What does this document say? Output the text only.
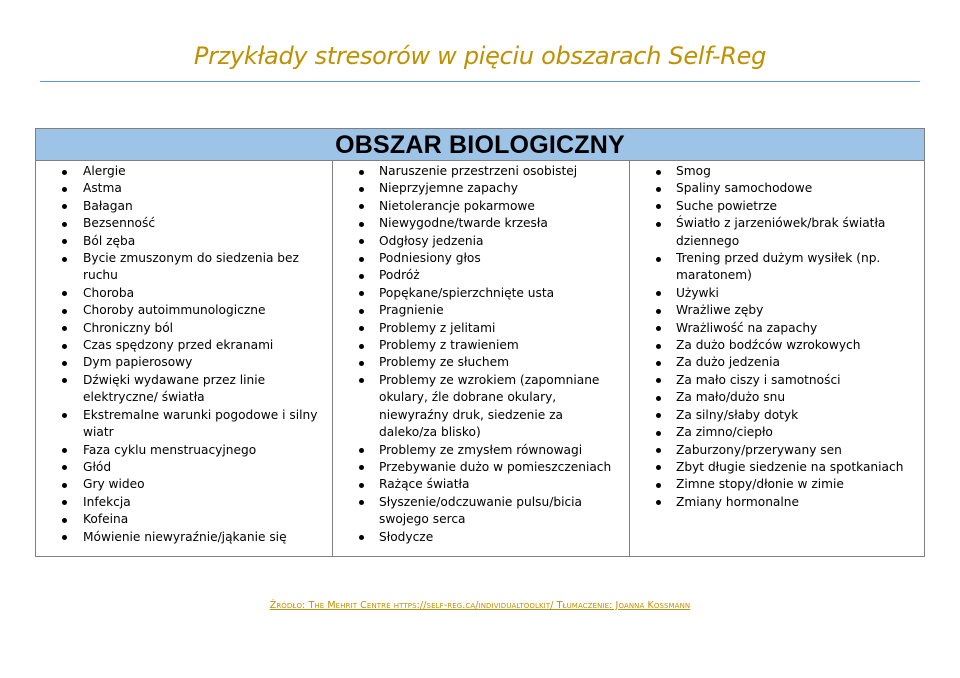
Przykłady stresorów w pięciu obszarach Self-Reg
OBSZAR BIOLOGICZNY
Alergie
Astma
Bałagan
Bezsenność
Ból zęba
Bycie zmuszonym do siedzenia bez ruchu
Choroba
Choroby autoimmunologiczne
Chroniczny ból
Czas spędzony przed ekranami
Dym papierosowy
Dźwięki wydawane przez linie elektryczne/ światła
Ekstremalne warunki pogodowe i silny wiatr
Faza cyklu menstruacyjnego
Głód
Gry wideo
Infekcja
Kofeina
Mówienie niewyraźnie/jąkanie się
Naruszenie przestrzeni osobistej
Nieprzyjemne zapachy
Nietolerancje pokarmowe
Niewygodne/twarde krzesła
Odgłosy jedzenia
Podniesiony głos
Podróż
Popękane/spierzchnięte usta
Pragnienie
Problemy z jelitami
Problemy z trawieniem
Problemy ze słuchem
Problemy ze wzrokiem (zapomniane okulary, źle dobrane okulary, niewyraźny druk, siedzenie za daleko/za blisko)
Problemy ze zmysłem równowagi
Przebywanie dużo w pomieszczeniach
Rażące światła
Słyszenie/odczuwanie pulsu/bicia swojego serca
Słodycze
Smog
Spaliny samochodowe
Suche powietrze
Światło z jarzeniówek/brak światła dziennego
Trening przed dużym wysiłek (np. maratonem)
Używki
Wrażliwe zęby
Wrażliwość na zapachy
Za dużo bodźców wzrokowych
Za dużo jedzenia
Za mało ciszy i samotności
Za mało/dużo snu
Za silny/słaby dotyk
Za zimno/ciepło
Zaburzony/przerywany sen
Zbyt długie siedzenie na spotkaniach
Zimne stopy/dłonie w zimie
Zmiany hormonalne
Źródło: The Mehrit Centre https://self-reg.ca/individualtoolkit/ Tłumaczenie: Joanna Kossmann
